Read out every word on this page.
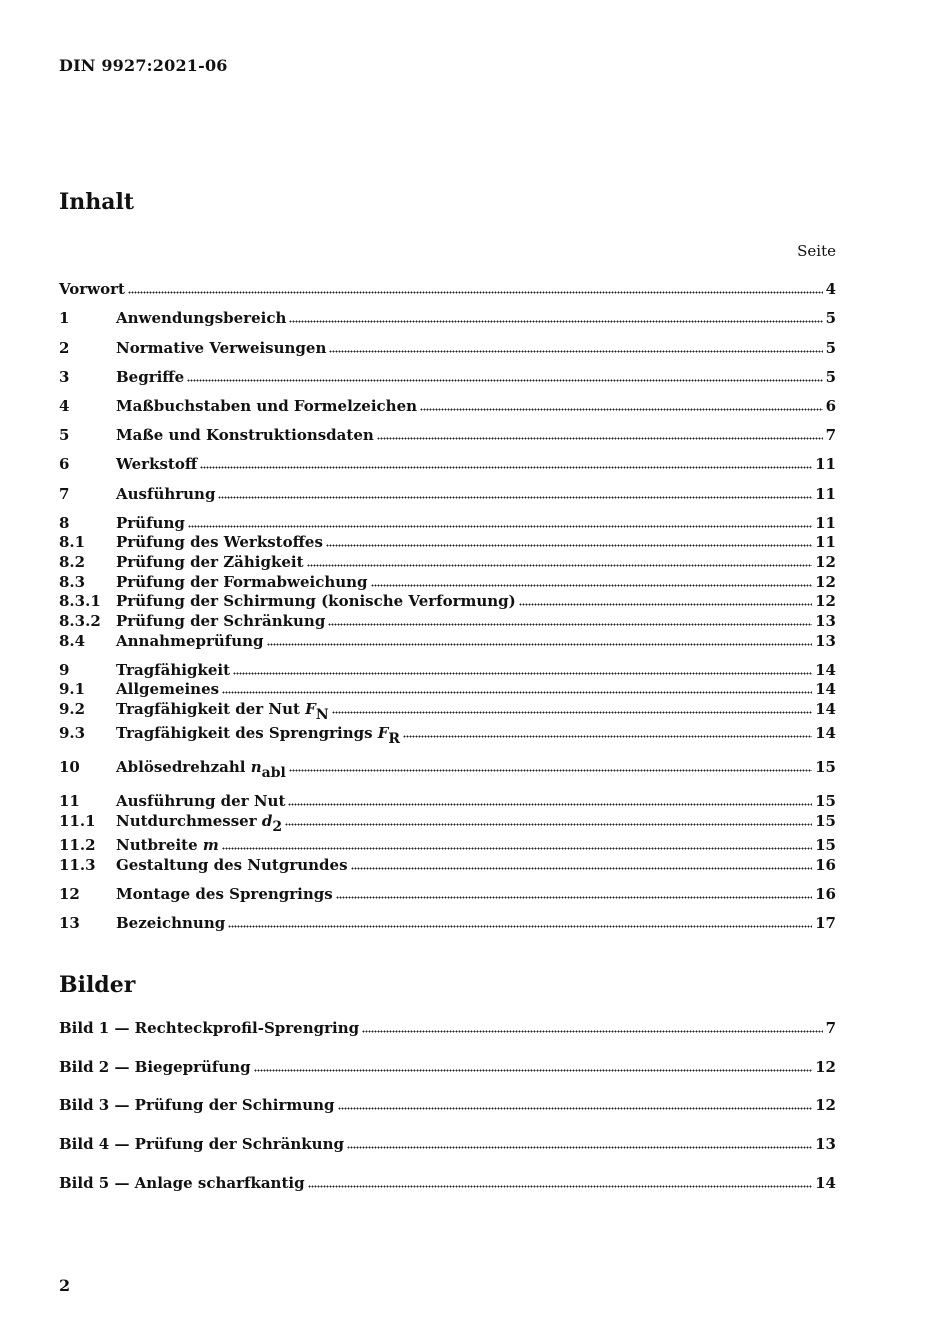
DIN 9927:2021-06
Inhalt
Seite
Vorwort	4
1	Anwendungsbereich	5
2	Normative Verweisungen	5
3	Begriffe	5
4	Maßbuchstaben und Formelzeichen	6
5	Maße und Konstruktionsdaten	7
6	Werkstoff	11
7	Ausführung	11
8	Prüfung	11
8.1	Prüfung des Werkstoffes	11
8.2	Prüfung der Zähigkeit	12
8.3	Prüfung der Formabweichung	12
8.3.1	Prüfung der Schirmung (konische Verformung)	12
8.3.2	Prüfung der Schränkung	13
8.4	Annahmeprüfung	13
9	Tragfähigkeit	14
9.1	Allgemeines	14
9.2	Tragfähigkeit der Nut $F_N$	14
9.3	Tragfähigkeit des Sprengrings $F_R$	14
10	Ablösedrehzahl $n_{abl}$	15
11	Ausführung der Nut	15
11.1	Nutdurchmesser $d_2$	15
11.2	Nutbreite m	15
11.3	Gestaltung des Nutgrundes	16
12	Montage des Sprengrings	16
13	Bezeichnung	17
Bilder
Bild 1 — Rechteckprofil-Sprengring	7
Bild 2 — Biegeprüfung	12
Bild 3 — Prüfung der Schirmung	12
Bild 4 — Prüfung der Schränkung	13
Bild 5 — Anlage scharfkantig	14
2
